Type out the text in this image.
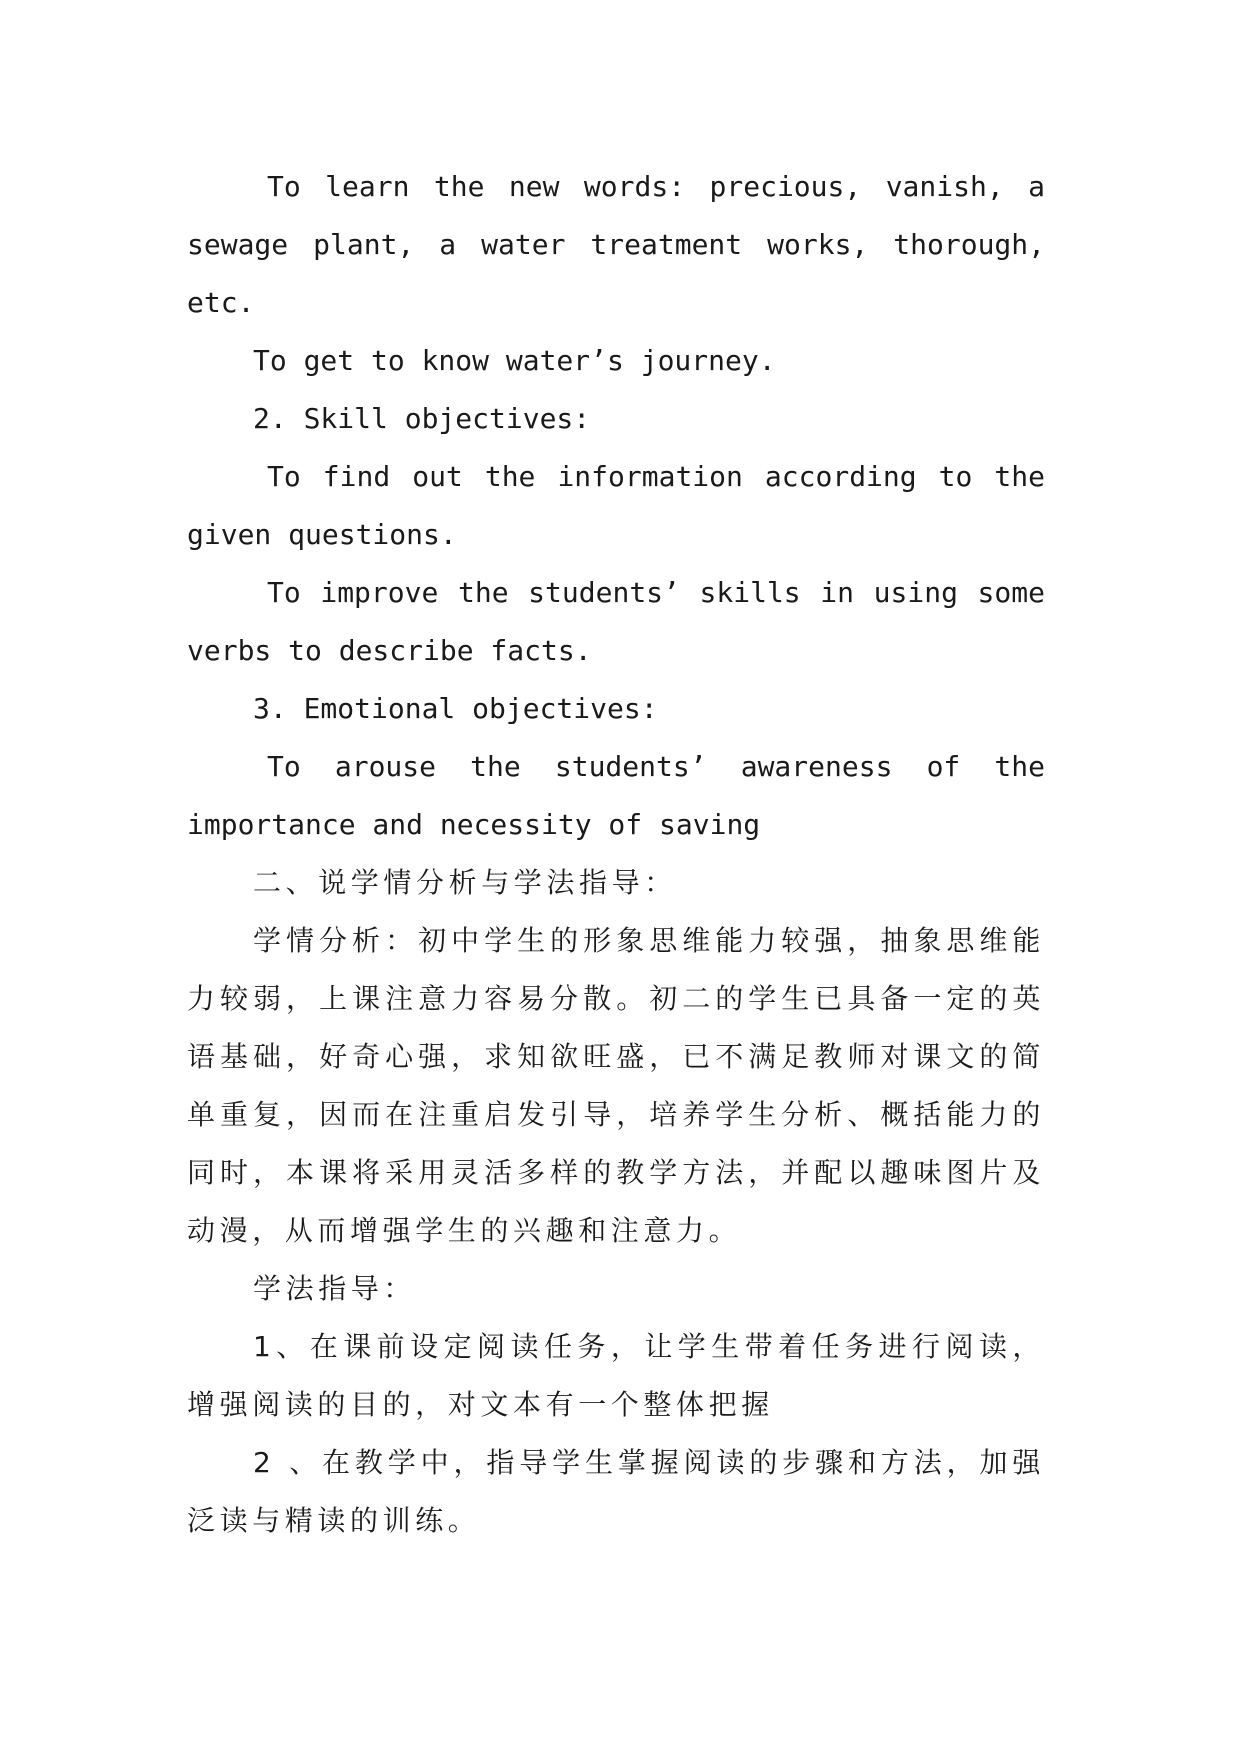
To learn the new words: precious, vanish, a sewage plant, a water treatment works, thorough, etc.

To get to know water’s journey.

2. Skill objectives:

To find out the information according to the given questions.

To improve the students’ skills in using some verbs to describe facts.

3. Emotional objectives:

To arouse the students’ awareness of the importance and necessity of saving

二、说学情分析与学法指导：

学情分析：初中学生的形象思维能力较强，抽象思维能力较弱，上课注意力容易分散。初二的学生已具备一定的英语基础，好奇心强，求知欲旺盛，已不满足教师对课文的简单重复，因而在注重启发引导，培养学生分析、概括能力的同时，本课将采用灵活多样的教学方法，并配以趣味图片及动漫，从而增强学生的兴趣和注意力。

学法指导：

1、在课前设定阅读任务，让学生带着任务进行阅读，增强阅读的目的，对文本有一个整体把握

2 、在教学中，指导学生掌握阅读的步骤和方法，加强泛读与精读的训练。
